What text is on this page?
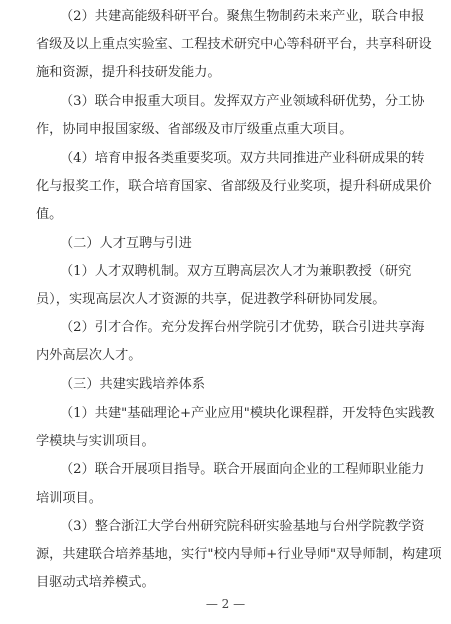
（2）共建高能级科研平台。聚焦生物制药未来产业，联合申报
省级及以上重点实验室、工程技术研究中心等科研平台，共享科研设
施和资源，提升科技研发能力。
（3）联合申报重大项目。发挥双方产业领域科研优势，分工协
作，协同申报国家级、省部级及市厅级重点重大项目。
（4）培育申报各类重要奖项。双方共同推进产业科研成果的转
化与报奖工作，联合培育国家、省部级及行业奖项，提升科研成果价
值。
（二）人才互聘与引进
（1）人才双聘机制。双方互聘高层次人才为兼职教授（研究
员），实现高层次人才资源的共享，促进教学科研协同发展。
（2）引才合作。充分发挥台州学院引才优势，联合引进共享海
内外高层次人才。
（三）共建实践培养体系
（1）共建"基础理论+产业应用"模块化课程群，开发特色实践教
学模块与实训项目。
（2）联合开展项目指导。联合开展面向企业的工程师职业能力
培训项目。
（3）整合浙江大学台州研究院科研实验基地与台州学院教学资
源，共建联合培养基地，实行"校内导师+行业导师"双导师制，构建项
目驱动式培养模式。
— 2 —
